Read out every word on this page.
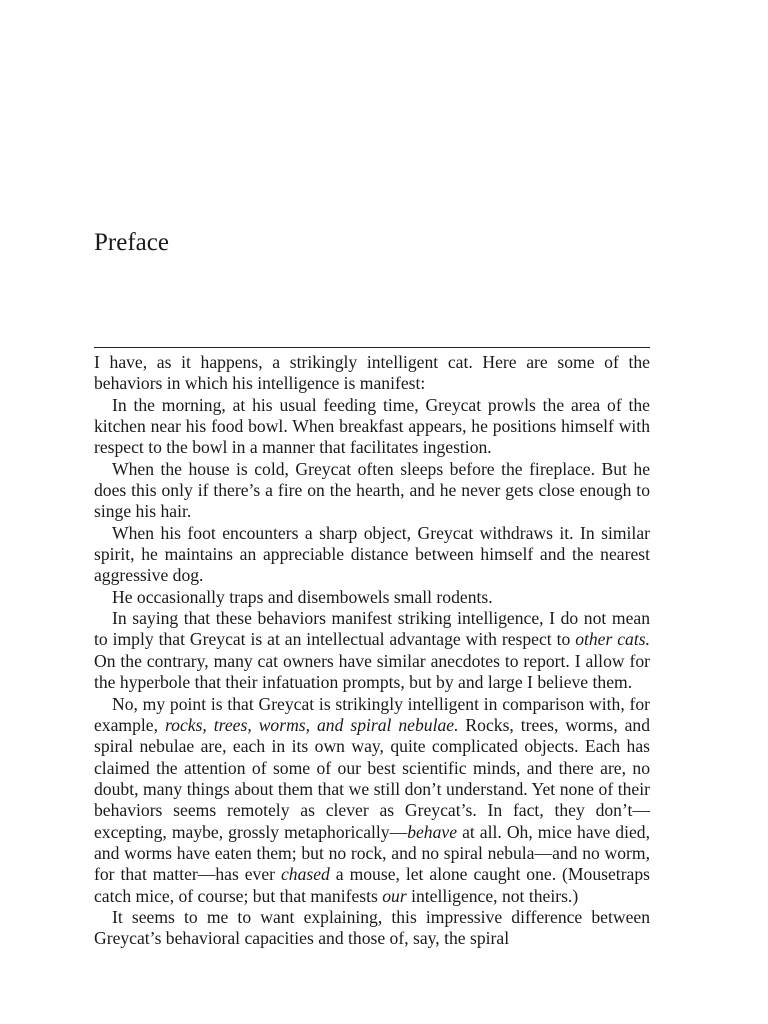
Preface

I have, as it happens, a strikingly intelligent cat. Here are some of the behaviors in which his intelligence is manifest:

In the morning, at his usual feeding time, Greycat prowls the area of the kitchen near his food bowl. When breakfast appears, he positions himself with respect to the bowl in a manner that facilitates ingestion.

When the house is cold, Greycat often sleeps before the fireplace. But he does this only if there’s a fire on the hearth, and he never gets close enough to singe his hair.

When his foot encounters a sharp object, Greycat withdraws it. In similar spirit, he maintains an appreciable distance between himself and the nearest aggressive dog.

He occasionally traps and disembowels small rodents.

In saying that these behaviors manifest striking intelligence, I do not mean to imply that Greycat is at an intellectual advantage with respect to other cats. On the contrary, many cat owners have similar anecdotes to report. I allow for the hyperbole that their infatuation prompts, but by and large I believe them.

No, my point is that Greycat is strikingly intelligent in comparison with, for example, rocks, trees, worms, and spiral nebulae. Rocks, trees, worms, and spiral nebulae are, each in its own way, quite complicated objects. Each has claimed the attention of some of our best scientific minds, and there are, no doubt, many things about them that we still don’t understand. Yet none of their behaviors seems remotely as clever as Greycat’s. In fact, they don’t—excepting, maybe, grossly metaphorically—behave at all. Oh, mice have died, and worms have eaten them; but no rock, and no spiral nebula—and no worm, for that matter—has ever chased a mouse, let alone caught one. (Mousetraps catch mice, of course; but that manifests our intelligence, not theirs.)

It seems to me to want explaining, this impressive difference between Greycat’s behavioral capacities and those of, say, the spiral
